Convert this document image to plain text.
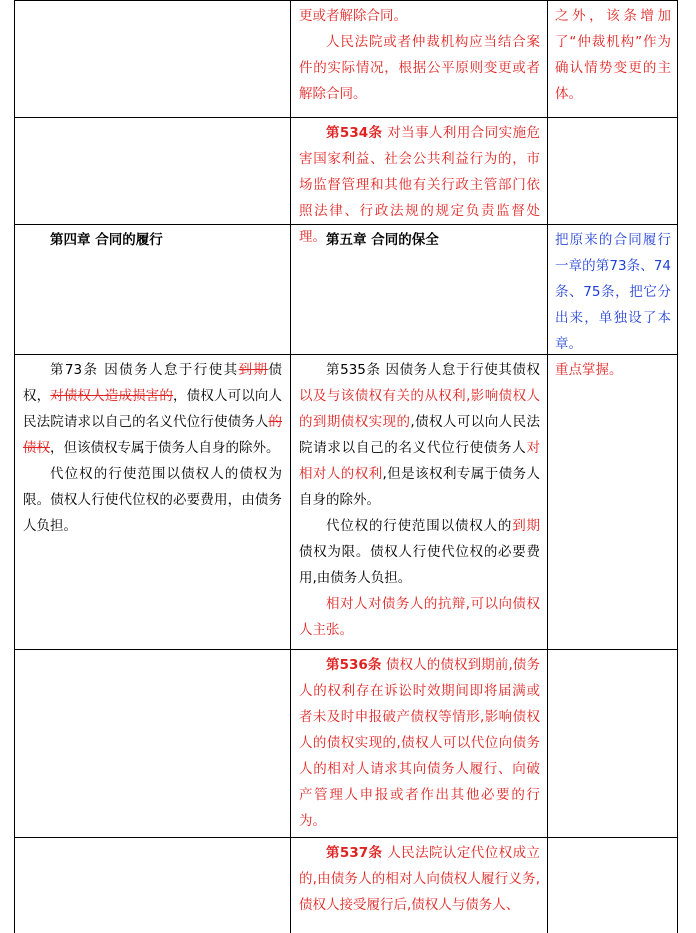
更或者解除合同。

人民法院或者仲裁机构应当结合案件的实际情况，根据公平原则变更或者解除合同。

之外，该条增加了“仲裁机构”作为确认情势变更的主体。

第534条 对当事人利用合同实施危害国家利益、社会公共利益行为的，市场监督管理和其他有关行政主管部门依照法律、行政法规的规定负责监督处理。

第四章 合同的履行	第五章 合同的保全	把原来的合同履行一章的第73条、74条、75条，把它分出来，单独设了本章。

第73条 因债务人怠于行使其到期债权，对债权人造成损害的，债权人可以向人民法院请求以自己的名义代位行使债务人的债权，但该债权专属于债务人自身的除外。

代位权的行使范围以债权人的债权为限。债权人行使代位权的必要费用，由债务人负担。

第535条 因债务人怠于行使其债权以及与该债权有关的从权利,影响债权人的到期债权实现的,债权人可以向人民法院请求以自己的名义代位行使债务人对相对人的权利,但是该权利专属于债务人自身的除外。

代位权的行使范围以债权人的到期债权为限。债权人行使代位权的必要费用,由债务人负担。

相对人对债务人的抗辩,可以向债权人主张。

重点掌握。

第536条 债权人的债权到期前,债务人的权利存在诉讼时效期间即将届满或者未及时申报破产债权等情形,影响债权人的债权实现的,债权人可以代位向债务人的相对人请求其向债务人履行、向破产管理人申报或者作出其他必要的行为。

第537条 人民法院认定代位权成立的,由债务人的相对人向债权人履行义务,债权人接受履行后,债权人与债务人、
